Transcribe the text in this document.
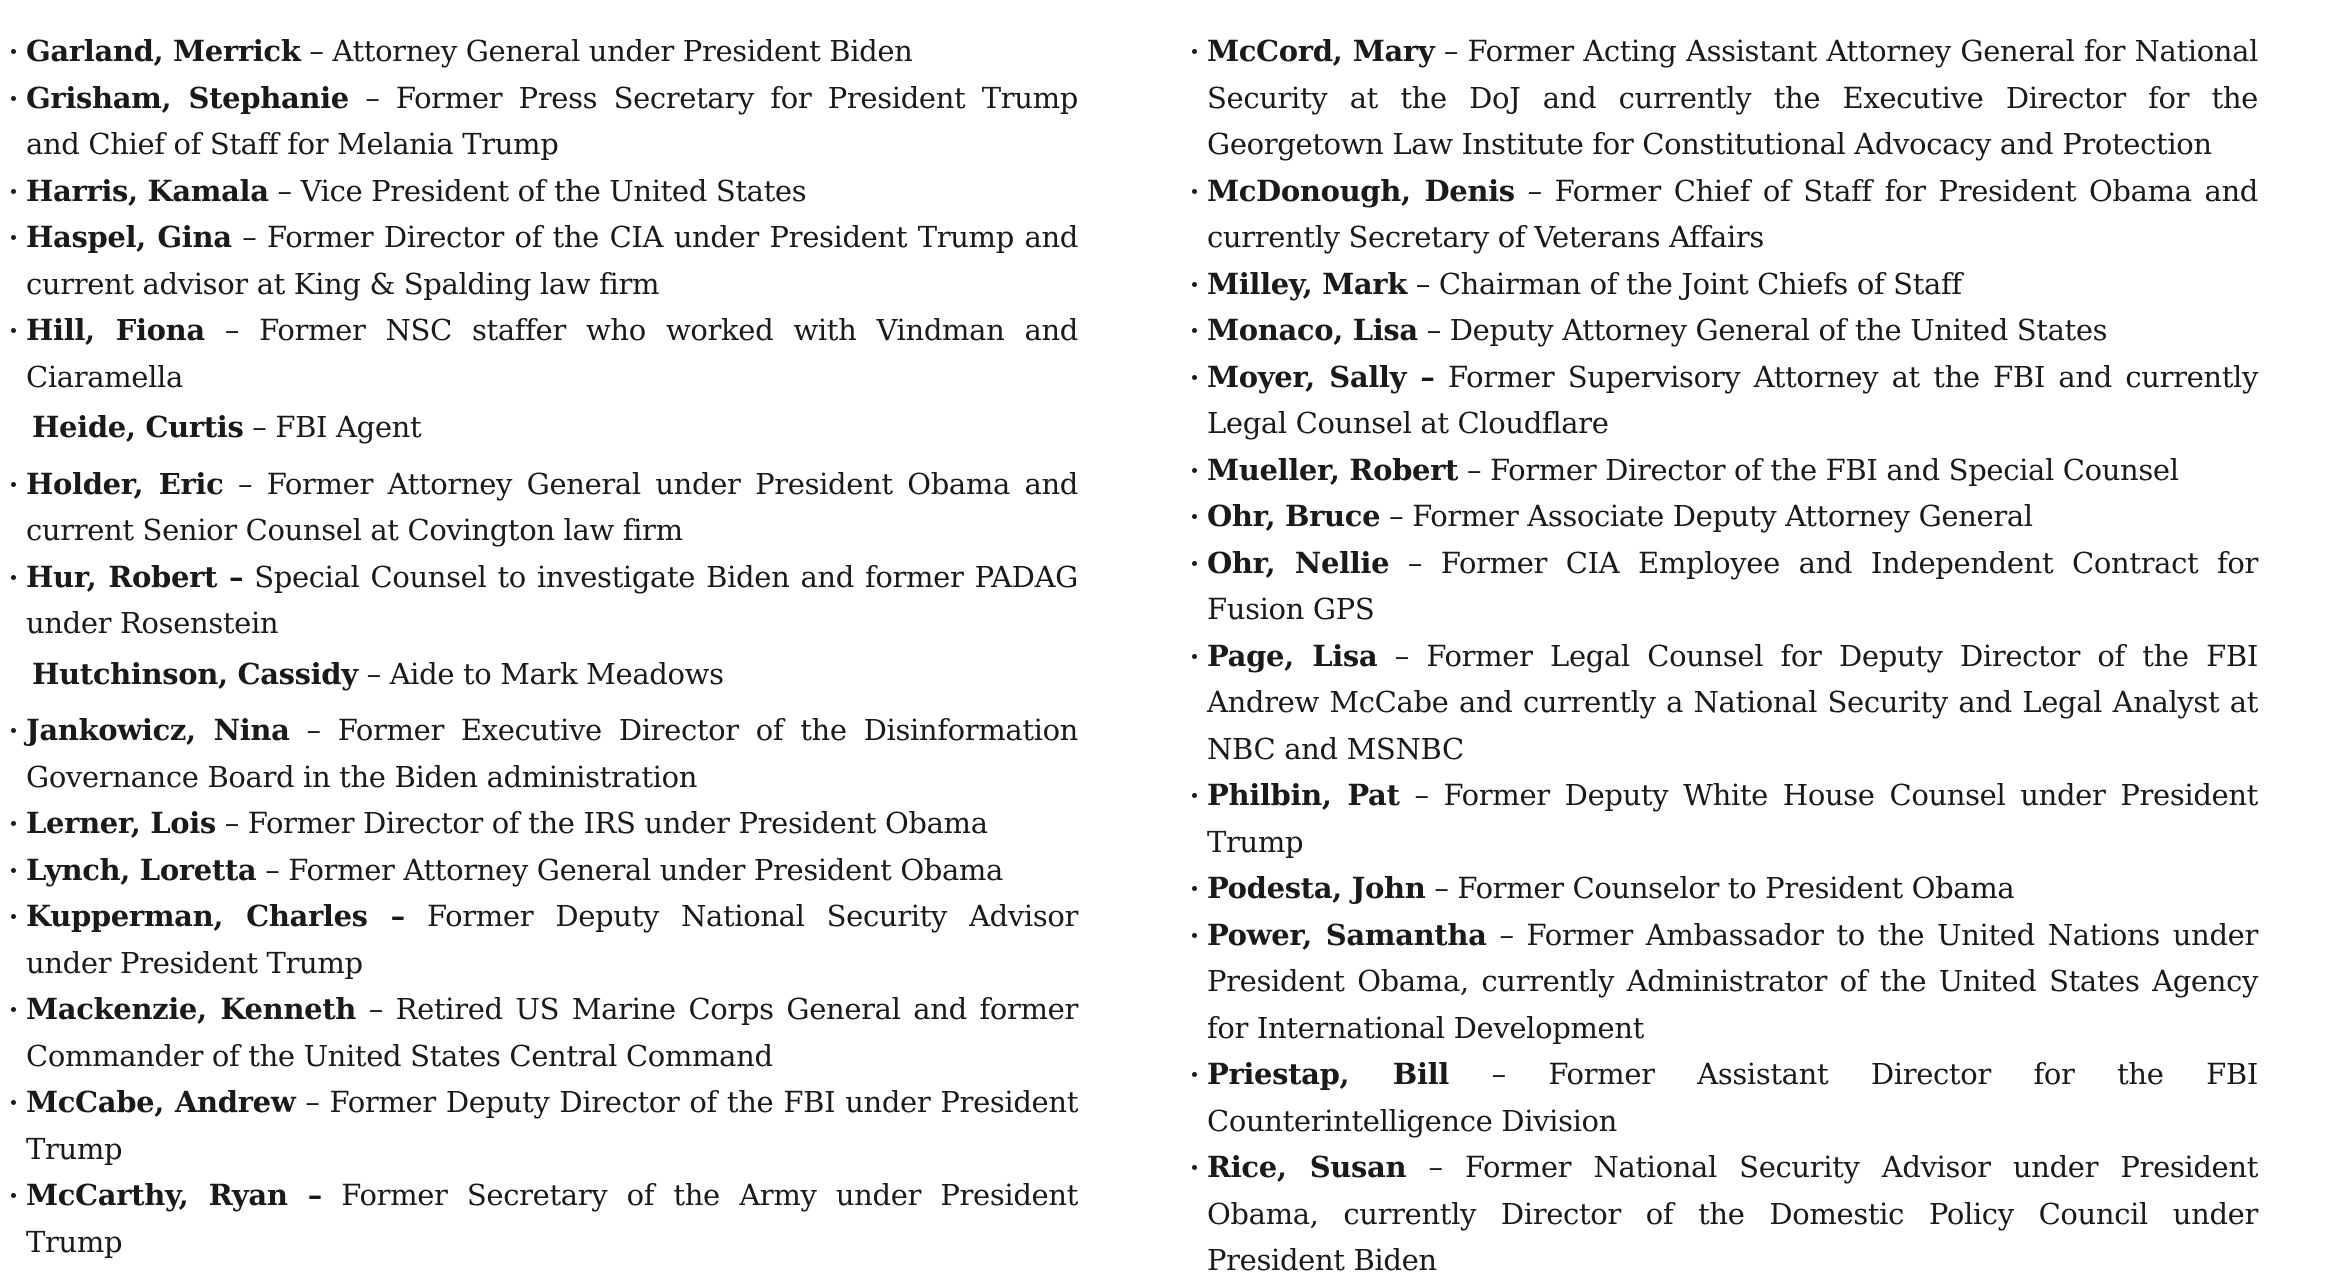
Garland, Merrick – Attorney General under President Biden
Grisham, Stephanie – Former Press Secretary for President Trump and Chief of Staff for Melania Trump
Harris, Kamala – Vice President of the United States
Haspel, Gina – Former Director of the CIA under President Trump and current advisor at King & Spalding law firm
Hill, Fiona – Former NSC staffer who worked with Vindman and Ciaramella
Heide, Curtis – FBI Agent
Holder, Eric – Former Attorney General under President Obama and current Senior Counsel at Covington law firm
Hur, Robert – Special Counsel to investigate Biden and former PADAG under Rosenstein
Hutchinson, Cassidy – Aide to Mark Meadows
Jankowicz, Nina – Former Executive Director of the Disinformation Governance Board in the Biden administration
Lerner, Lois – Former Director of the IRS under President Obama
Lynch, Loretta – Former Attorney General under President Obama
Kupperman, Charles – Former Deputy National Security Advisor under President Trump
Mackenzie, Kenneth – Retired US Marine Corps General and former Commander of the United States Central Command
McCabe, Andrew – Former Deputy Director of the FBI under President Trump
McCarthy, Ryan – Former Secretary of the Army under President Trump
McCord, Mary – Former Acting Assistant Attorney General for National Security at the DoJ and currently the Executive Director for the Georgetown Law Institute for Constitutional Advocacy and Protection
McDonough, Denis – Former Chief of Staff for President Obama and currently Secretary of Veterans Affairs
Milley, Mark – Chairman of the Joint Chiefs of Staff
Monaco, Lisa – Deputy Attorney General of the United States
Moyer, Sally – Former Supervisory Attorney at the FBI and currently Legal Counsel at Cloudflare
Mueller, Robert – Former Director of the FBI and Special Counsel
Ohr, Bruce – Former Associate Deputy Attorney General
Ohr, Nellie – Former CIA Employee and Independent Contract for Fusion GPS
Page, Lisa – Former Legal Counsel for Deputy Director of the FBI Andrew McCabe and currently a National Security and Legal Analyst at NBC and MSNBC
Philbin, Pat – Former Deputy White House Counsel under President Trump
Podesta, John – Former Counselor to President Obama
Power, Samantha – Former Ambassador to the United Nations under President Obama, currently Administrator of the United States Agency for International Development
Priestap, Bill – Former Assistant Director for the FBI Counterintelligence Division
Rice, Susan – Former National Security Advisor under President Obama, currently Director of the Domestic Policy Council under President Biden
